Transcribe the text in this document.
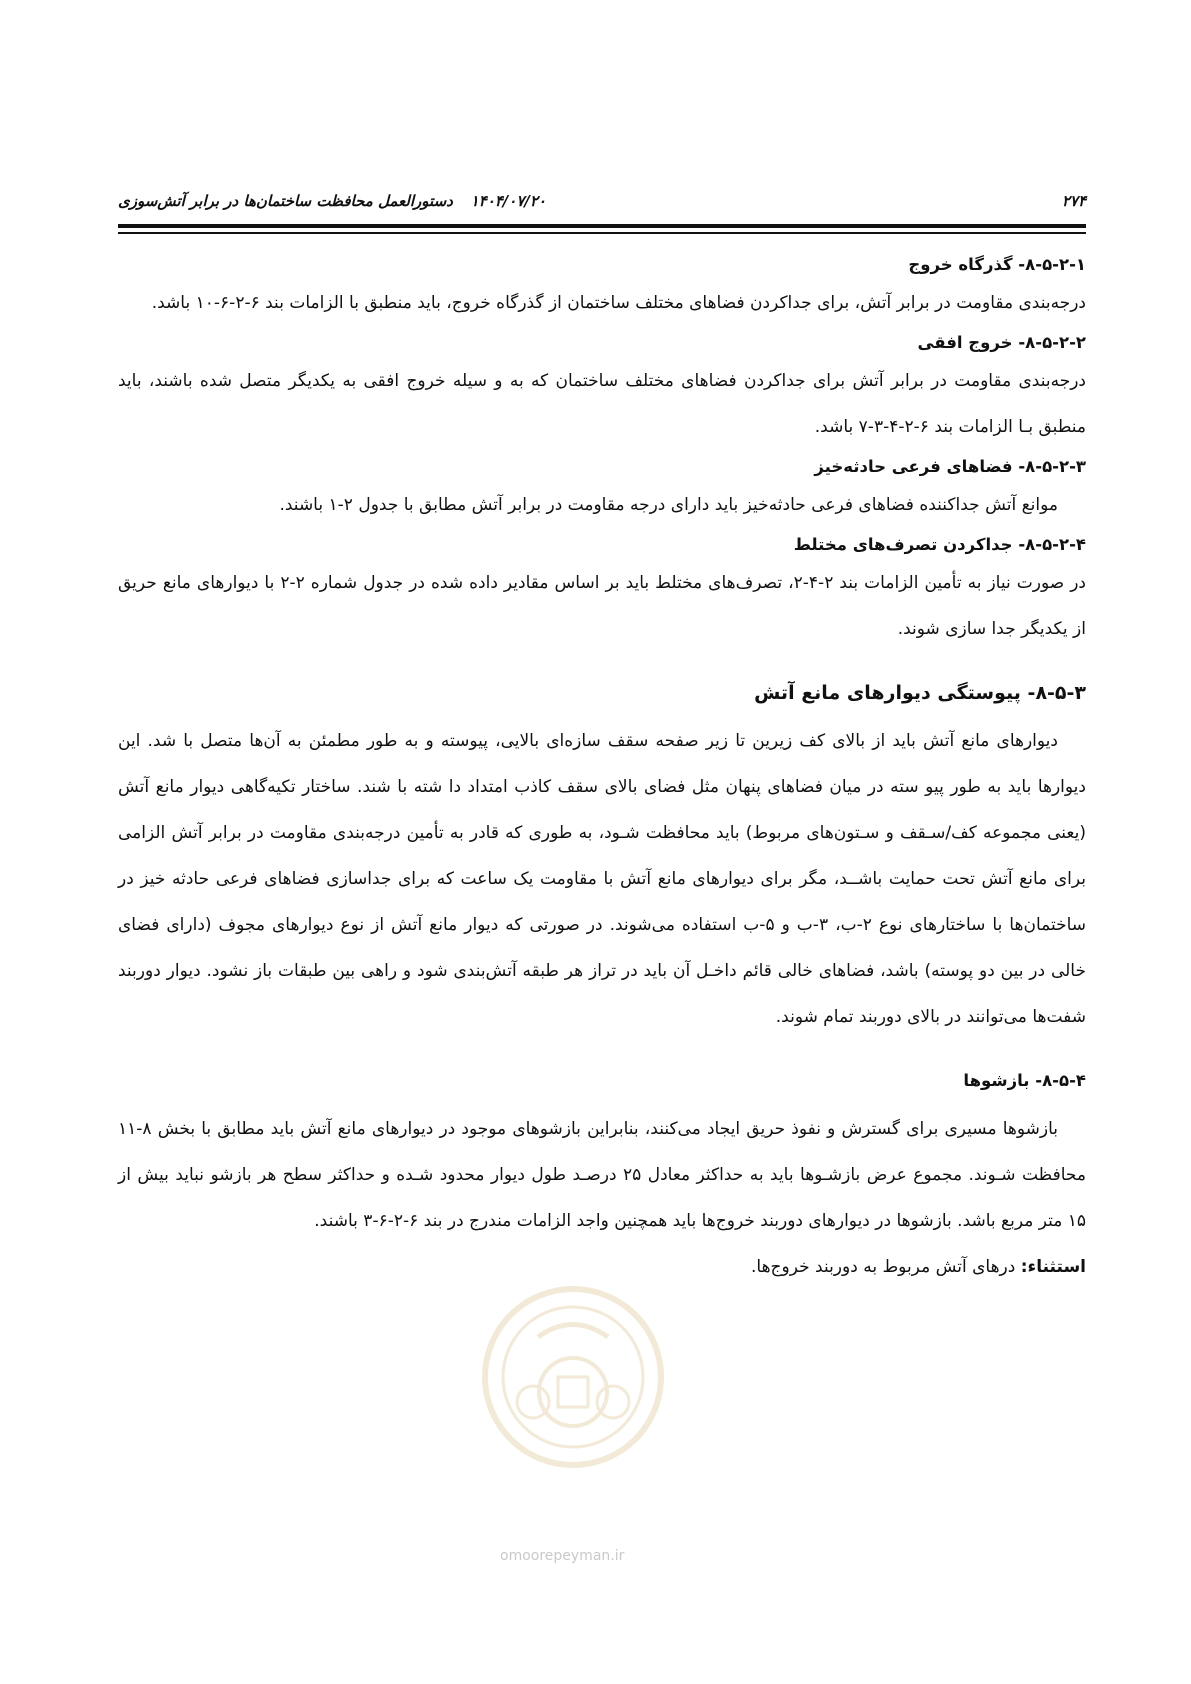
۲۷۴
۱۴۰۴/۰۷/۲۰
دستورالعمل محافظت ساختمان‌ها در برابر آتش‌سوزی

۸-۵-۲-۱- گذرگاه خروج

درجه‌بندی مقاومت در برابر آتش، برای جداکردن فضاهای مختلف ساختمان از گذرگاه خروج، باید منطبق با الزامات بند ۶-۲-۶-۱۰ باشد.

۸-۵-۲-۲- خروج افقی

درجه‌بندی مقاومت در برابر آتش برای جداکردن فضاهای مختلف ساختمان که به و سیله خروج افقی به یکدیگر متصل شده باشند، باید منطبق بـا الزامات بند ۶-۲-۴-۳-۷ باشد.

۸-۵-۲-۳- فضاهای فرعی حادثه‌خیز

موانع آتش جداکننده فضاهای فرعی حادثه‌خیز باید دارای درجه مقاومت در برابر آتش مطابق با جدول ۲-۱ باشند.

۸-۵-۲-۴- جداکردن تصرف‌های مختلط

در صورت نیاز به تأمین الزامات بند ۲-۴-۲، تصرف‌های مختلط باید بر اساس مقادیر داده شده در جدول شماره ۲-۲ با دیوارهای مانع حریق از یکدیگر جدا سازی شوند.

۸-۵-۳- پیوستگی دیوارهای مانع آتش

دیوارهای مانع آتش باید از بالای کف زیرین تا زیر صفحه سقف سازه‌ای بالایی، پیوسته و به طور مطمئن به آن‌ها متصل با شد. این دیوارها باید به طور پیو سته در میان فضاهای پنهان مثل فضای بالای سقف کاذب امتداد دا شته با شند. ساختار تکیه‌گاهی دیوار مانع آتش (یعنی مجموعه کف/سـقف و سـتون‌های مربوط) باید محافظت شـود، به طوری که قادر به تأمین درجه‌بندی مقاومت در برابر آتش الزامی برای مانع آتش تحت حمایت باشــد، مگر برای دیوارهای مانع آتش با مقاومت یک ساعت که برای جداسازی فضاهای فرعی حادثه خیز در ساختمان‌ها با ساختارهای نوع ۲-ب، ۳-ب و ۵-ب استفاده می‌شوند. در صورتی که دیوار مانع آتش از نوع دیوارهای مجوف (دارای فضای خالی در بین دو پوسته) باشد، فضاهای خالی قائم داخـل آن باید در تراز هر طبقه آتش‌بندی شود و راهی بین طبقات باز نشود. دیوار دوربند شفت‌ها می‌توانند در بالای دوربند تمام شوند.

۸-۵-۴- بازشوها

بازشوها مسیری برای گسترش و نفوذ حریق ایجاد می‌کنند، بنابراین بازشوهای موجود در دیوارهای مانع آتش باید مطابق با بخش ۸-۱۱ محافظت شـوند. مجموع عرض بازشـوها باید به حداکثر معادل ۲۵ درصـد طول دیوار محدود شـده و حداکثر سطح هر بازشو نباید بیش از ۱۵ متر مربع باشد. بازشوها در دیوارهای دوربند خروج‌ها باید همچنین واجد الزامات مندرج در بند ۶-۲-۶-۳ باشند.

استثناء: درهای آتش مربوط به دوربند خروج‌ها.

omoorepeyman.ir
